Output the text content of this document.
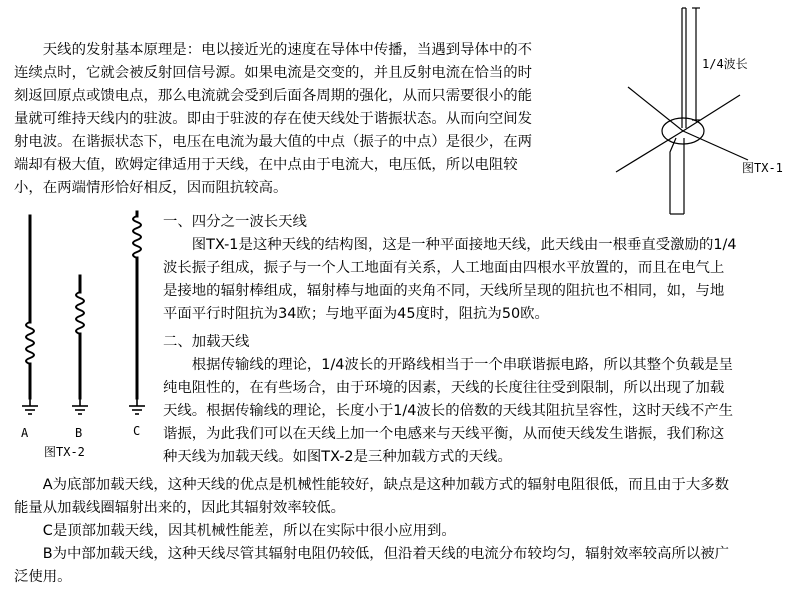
　　天线的发射基本原理是：电以接近光的速度在导体中传播，当遇到导体中的不
连续点时，它就会被反射回信号源。如果电流是交变的，并且反射电流在恰当的时
刻返回原点或馈电点，那么电流就会受到后面各周期的强化，从而只需要很小的能
量就可维持天线内的驻波。即由于驻波的存在使天线处于谐振状态。从而向空间发
射电波。在谐振状态下，电压在电流为最大值的中点（振子的中点）是很少，在两
端却有极大值，欧姆定律适用于天线，在中点由于电流大，电压低，所以电阻较
小，在两端情形恰好相反，因而阻抗较高。
一、四分之一波长天线
　　图TX-1是这种天线的结构图，这是一种平面接地天线，此天线由一根垂直受激励的1/4
波长振子组成，振子与一个人工地面有关系，人工地面由四根水平放置的，而且在电气上
是接地的辐射棒组成，辐射棒与地面的夹角不同，天线所呈现的阻抗也不相同，如，与地
平面平行时阻抗为34欧；与地平面为45度时，阻抗为50欧。
二、加载天线
　　根据传输线的理论，1/4波长的开路线相当于一个串联谐振电路，所以其整个负载是呈
纯电阻性的，在有些场合，由于环境的因素，天线的长度往往受到限制，所以出现了加载
天线。根据传输线的理论，长度小于1/4波长的倍数的天线其阻抗呈容性，这时天线不产生
谐振，为此我们可以在天线上加一个电感来与天线平衡，从而使天线发生谐振，我们称这
种天线为加载天线。如图TX-2是三种加载方式的天线。
　　A为底部加载天线，这种天线的优点是机械性能较好，缺点是这种加载方式的辐射电阻很低，而且由于大多数
能量从加载线圈辐射出来的，因此其辐射效率较低。
　　C是顶部加载天线，因其机械性能差，所以在实际中很小应用到。
　　B为中部加载天线，这种天线尽管其辐射电阻仍较低，但沿着天线的电流分布较均匀，辐射效率较高所以被广
泛使用。
1/4波长
图TX-1
A	B	C
图TX-2
